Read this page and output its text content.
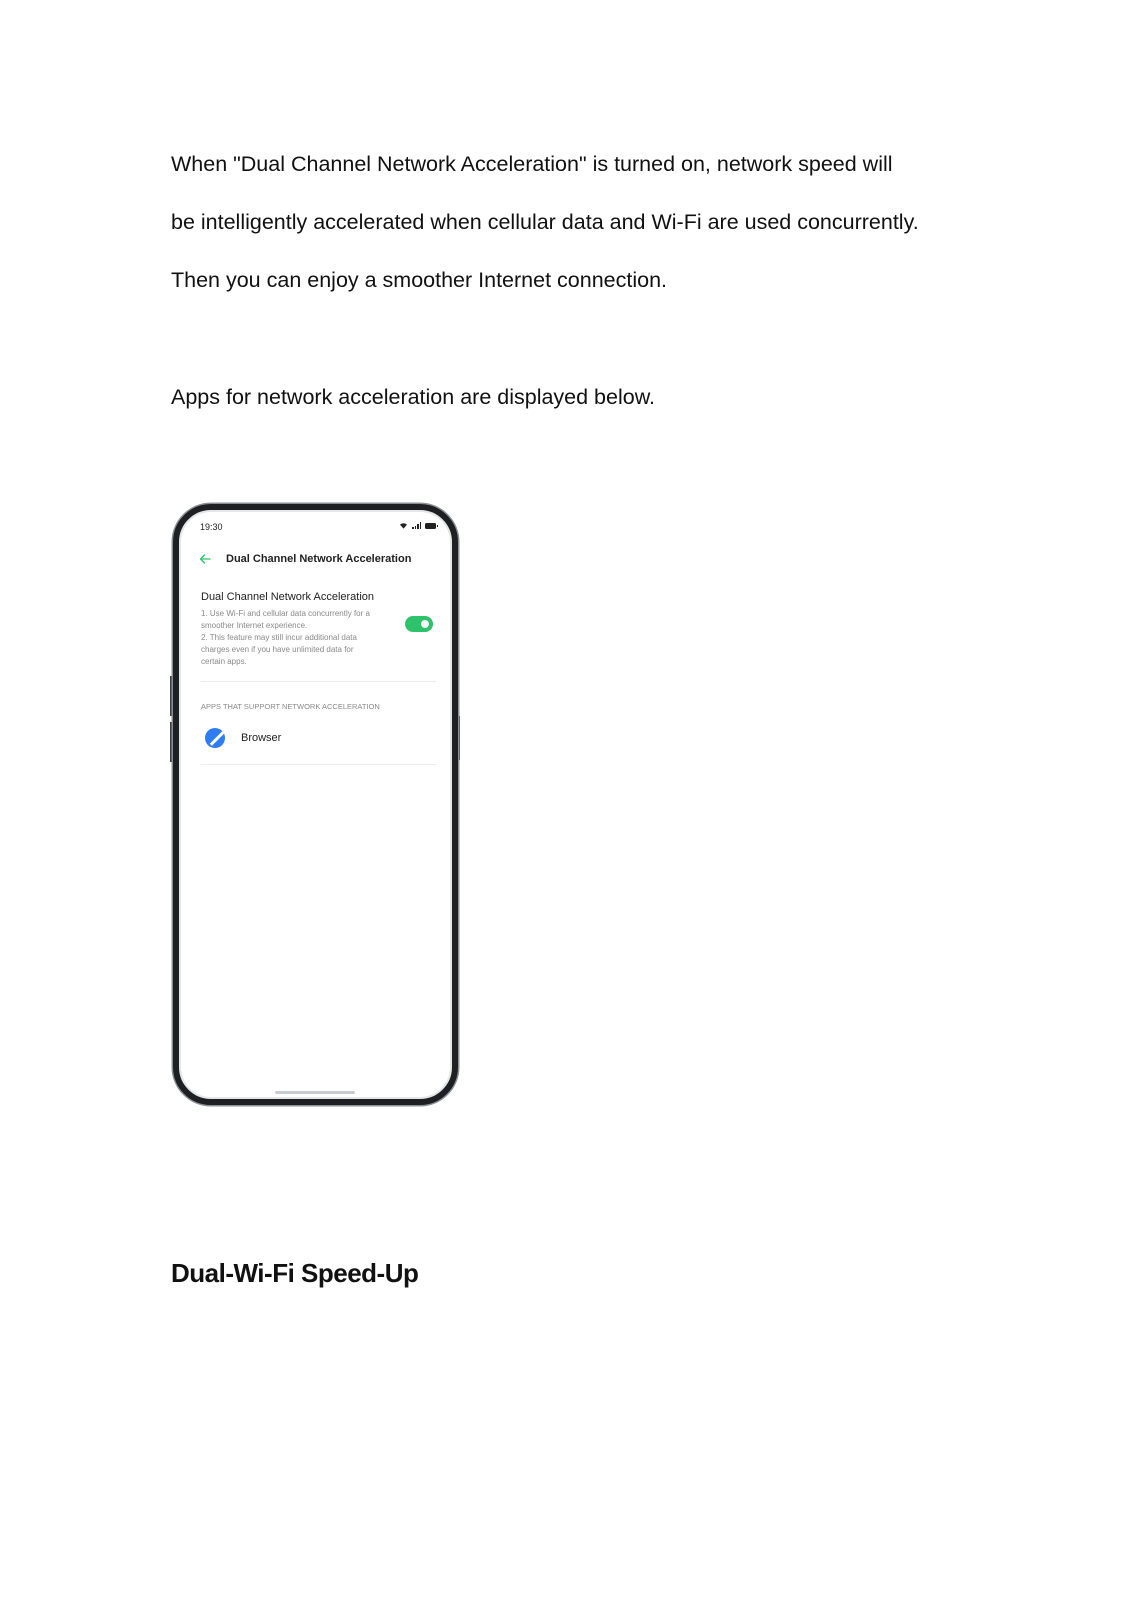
When "Dual Channel Network Acceleration" is turned on, network speed will

be intelligently accelerated when cellular data and Wi-Fi are used concurrently.

Then you can enjoy a smoother Internet connection.

Apps for network acceleration are displayed below.

19:30
Dual Channel Network Acceleration
Dual Channel Network Acceleration
1. Use Wi-Fi and cellular data concurrently for a
smoother Internet experience.
2. This feature may still incur additional data
charges even if you have unlimited data for
certain apps.
APPS THAT SUPPORT NETWORK ACCELERATION
Browser
Dual-Wi-Fi Speed-Up
